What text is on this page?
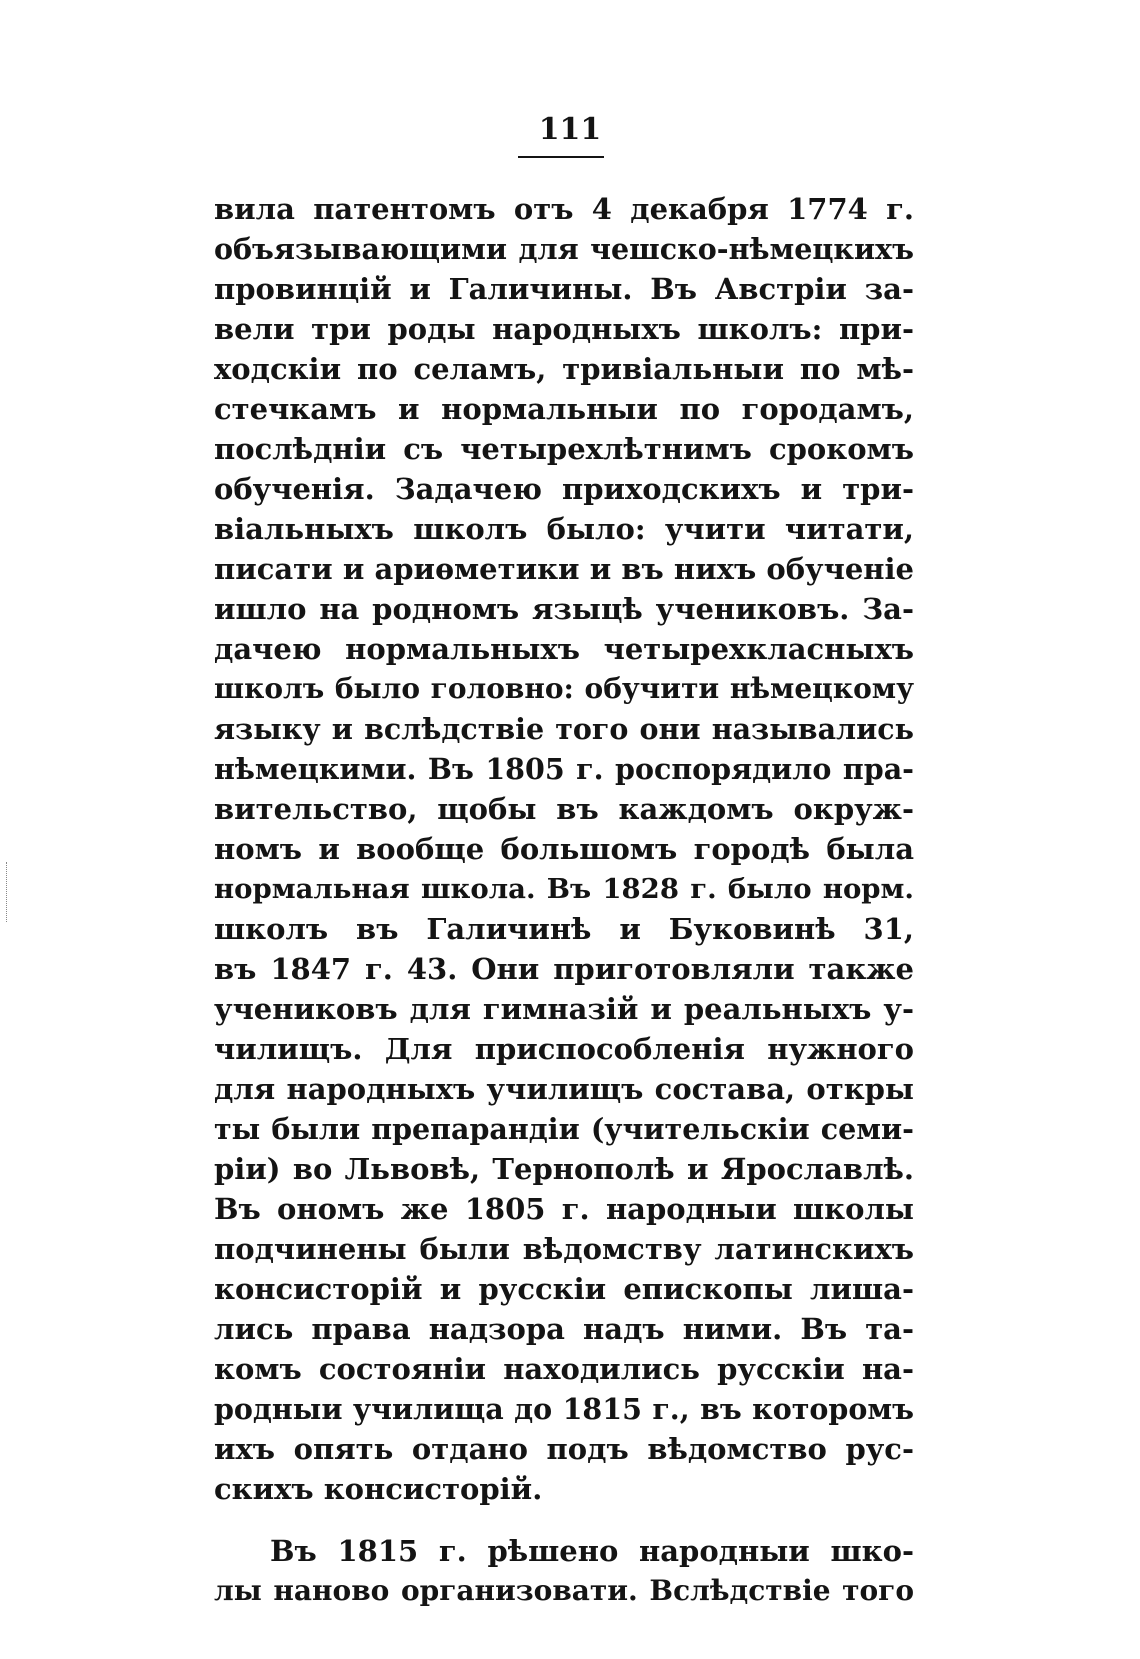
111
вила патентомъ отъ 4 декабря 1774 г.
объязывающими для чешско-нѣмецкихъ
провинцій и Галичины. Въ Австріи за-
вели три роды народныхъ школъ: при-
ходскіи по селамъ, тривіальныи по мѣ-
стечкамъ и нормальныи по городамъ,
послѣдніи съ четырехлѣтнимъ срокомъ
обученія. Задачею приходскихъ и три-
віальныхъ школъ было: учити читати,
писати и ариѳметики и въ нихъ обученіе
ишло на родномъ языцѣ учениковъ. За-
дачею нормальныхъ четырехкласныхъ
школъ было головно: обучити нѣмецкому
языку и вслѣдствіе того они назывались
нѣмецкими. Въ 1805 г. роспорядило пра-
вительство, щобы въ каждомъ окруж-
номъ и вообще большомъ городѣ была
нормальная школа. Въ 1828 г. было норм.
школъ въ Галичинѣ и Буковинѣ 31,
въ 1847 г. 43. Они приготовляли также
учениковъ для гимназій и реальныхъ у-
чилищъ. Для приспособленія нужного
для народныхъ училищъ состава, откры
ты были препарандіи (учительскіи семи-
ріи) во Львовѣ, Тернополѣ и Ярославлѣ.
Въ ономъ же 1805 г. народныи школы
подчинены были вѣдомству латинскихъ
консисторій и русскіи епископы лиша-
лись права надзора надъ ними. Въ та-
комъ состояніи находились русскіи на-
родныи училища до 1815 г., въ которомъ
ихъ опять отдано подъ вѣдомство рус-
скихъ консисторій.
Въ 1815 г. рѣшено народныи шко-
лы наново организовати. Вслѣдствіе того
